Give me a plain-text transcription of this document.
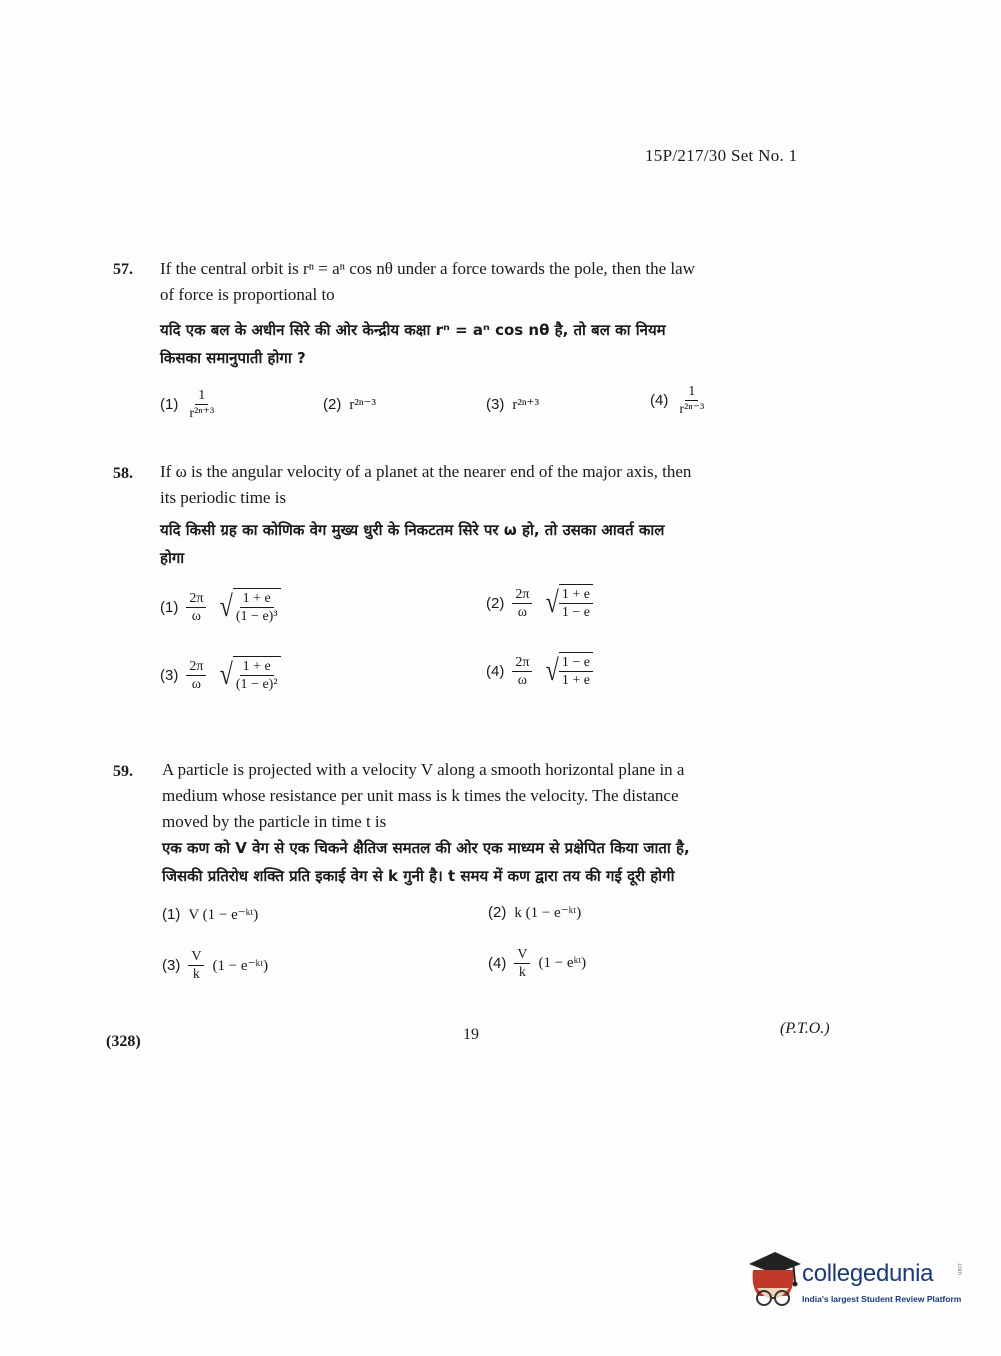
15P/217/30 Set No. 1
57. If the central orbit is rⁿ = aⁿ cos nθ under a force towards the pole, then the law
of force is proportional to
यदि एक बल के अधीन सिरे की ओर केन्द्रीय कक्षा rⁿ = aⁿ cos nθ है, तो बल का नियम
किसका समानुपाती होगा ?
$(1) \frac{1}{\text{r²ⁿ⁺³}}$	(2) r²ⁿ⁻³	(3) r²ⁿ⁺³	$(4) \frac{1}{\text{r²ⁿ⁻³}}$
58. If ω is the angular velocity of a planet at the nearer end of the major axis, then
its periodic time is
यदि किसी ग्रह का कोणिक वेग मुख्य धुरी के निकटतम सिरे पर ω हो, तो उसका आवर्त काल
होगा
$(1) \frac{2\pi}{\omega}$ √ $\frac{1 + e}{\text{(1 − e)³}}$	$(2) \frac{2\pi}{\omega}$ √ $\frac{1 + e}{1 - e}$
$(3) \frac{2\pi}{\omega}$ √ $\frac{1 + e}{\text{(1 − e)²}}$	$(4) \frac{2\pi}{\omega}$ √ $\frac{1 - e}{1 + e}$
59. A particle is projected with a velocity V along a smooth horizontal plane in a
medium whose resistance per unit mass is k times the velocity. The distance
moved by the particle in time t is
एक कण को V वेग से एक चिकने क्षैतिज समतल की ओर एक माध्यम से प्रक्षेपित किया जाता है,
जिसकी प्रतिरोध शक्ति प्रति इकाई वेग से k गुनी है। t समय में कण द्वारा तय की गई दूरी होगी
(1) V (1 − e⁻ᵏᵗ)	(2) k (1 − e⁻ᵏᵗ)
$(3) \frac{V}{k} (1$ − e⁻ᵏᵗ)	$(4) \frac{V}{k} (1$ − eᵏᵗ)
(328)	19	(P.T.O.)
collegedunia	.com
India's largest Student Review Platform
